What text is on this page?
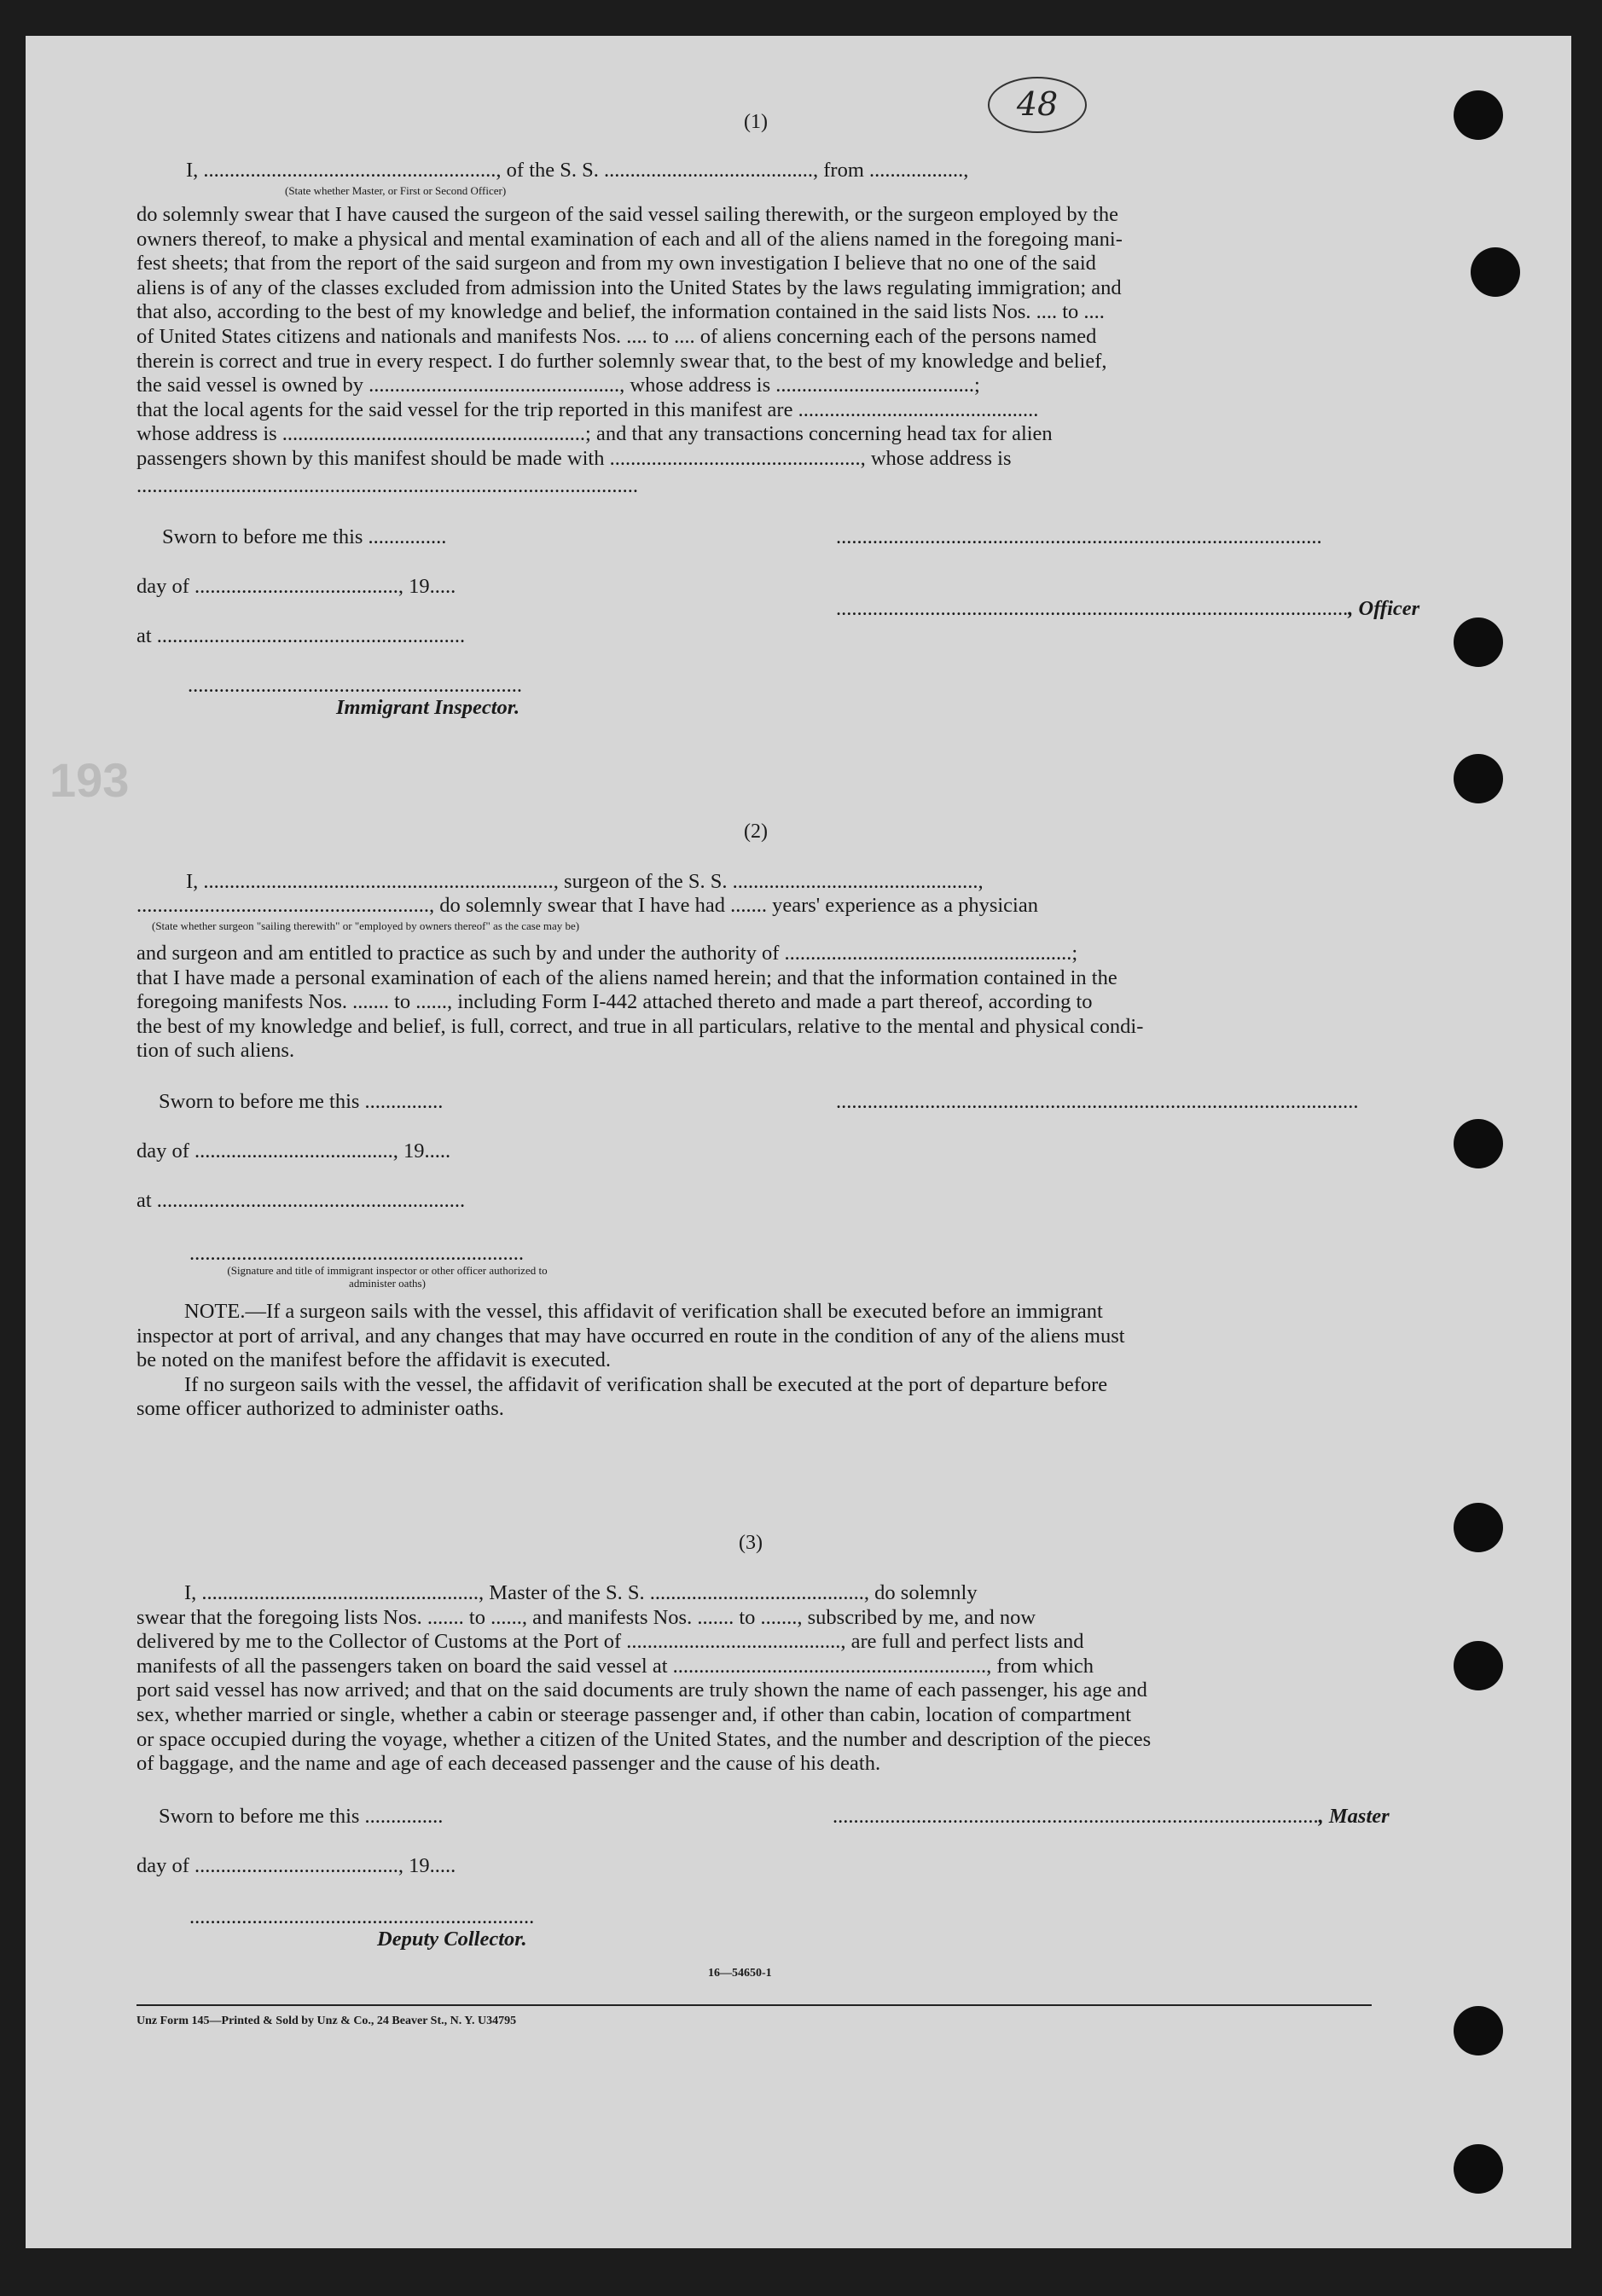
193
48
(1)
I, ........................................................, of the S. S. ........................................, from ..................,
(State whether Master, or First or Second Officer)
do solemnly swear that I have caused the surgeon of the said vessel sailing therewith, or the surgeon employed by the
owners thereof, to make a physical and mental examination of each and all of the aliens named in the foregoing mani-
fest sheets; that from the report of the said surgeon and from my own investigation I believe that no one of the said
aliens is of any of the classes excluded from admission into the United States by the laws regulating immigration; and
that also, according to the best of my knowledge and belief, the information contained in the said lists Nos. .... to ....
of United States citizens and nationals and manifests Nos. .... to .... of aliens concerning each of the persons named
therein is correct and true in every respect. I do further solemnly swear that, to the best of my knowledge and belief,
the said vessel is owned by ................................................, whose address is ......................................;
that the local agents for the said vessel for the trip reported in this manifest are ..............................................
whose address is ..........................................................; and that any transactions concerning head tax for alien
passengers shown by this manifest should be made with ................................................, whose address is
................................................................................................
Sworn to before me this ...............	.............................................................................................
day of ......................................., 19.....
.................................................................................................., Officer
at ...........................................................
................................................................
Immigrant Inspector.
(2)
I, ..................................................................., surgeon of the S. S. ...............................................,
........................................................, do solemnly swear that I have had ....... years' experience as a physician
(State whether surgeon "sailing therewith" or "employed by owners thereof" as the case may be)
and surgeon and am entitled to practice as such by and under the authority of .......................................................;
that I have made a personal examination of each of the aliens named herein; and that the information contained in the
foregoing manifests Nos. ....... to ......, including Form I-442 attached thereto and made a part thereof, according to
the best of my knowledge and belief, is full, correct, and true in all particulars, relative to the mental and physical condi-
tion of such aliens.
Sworn to before me this ...............	....................................................................................................
day of ......................................, 19.....
at ...........................................................
................................................................
(Signature and title of immigrant inspector or other officer authorized to administer oaths)
NOTE.—If a surgeon sails with the vessel, this affidavit of verification shall be executed before an immigrant
inspector at port of arrival, and any changes that may have occurred en route in the condition of any of the aliens must
be noted on the manifest before the affidavit is executed.
If no surgeon sails with the vessel, the affidavit of verification shall be executed at the port of departure before
some officer authorized to administer oaths.
(3)
I, ....................................................., Master of the S. S. ........................................., do solemnly
swear that the foregoing lists Nos. ....... to ......, and manifests Nos. ....... to ......., subscribed by me, and now
delivered by me to the Collector of Customs at the Port of ........................................., are full and perfect lists and
manifests of all the passengers taken on board the said vessel at ............................................................, from which
port said vessel has now arrived; and that on the said documents are truly shown the name of each passenger, his age and
sex, whether married or single, whether a cabin or steerage passenger and, if other than cabin, location of compartment
or space occupied during the voyage, whether a citizen of the United States, and the number and description of the pieces
of baggage, and the name and age of each deceased passenger and the cause of his death.
Sworn to before me this ...............	............................................................................................., Master
day of ......................................., 19.....
..................................................................
Deputy Collector.
16—54650-1
Unz Form 145—Printed & Sold by Unz & Co., 24 Beaver St., N. Y. U34795
